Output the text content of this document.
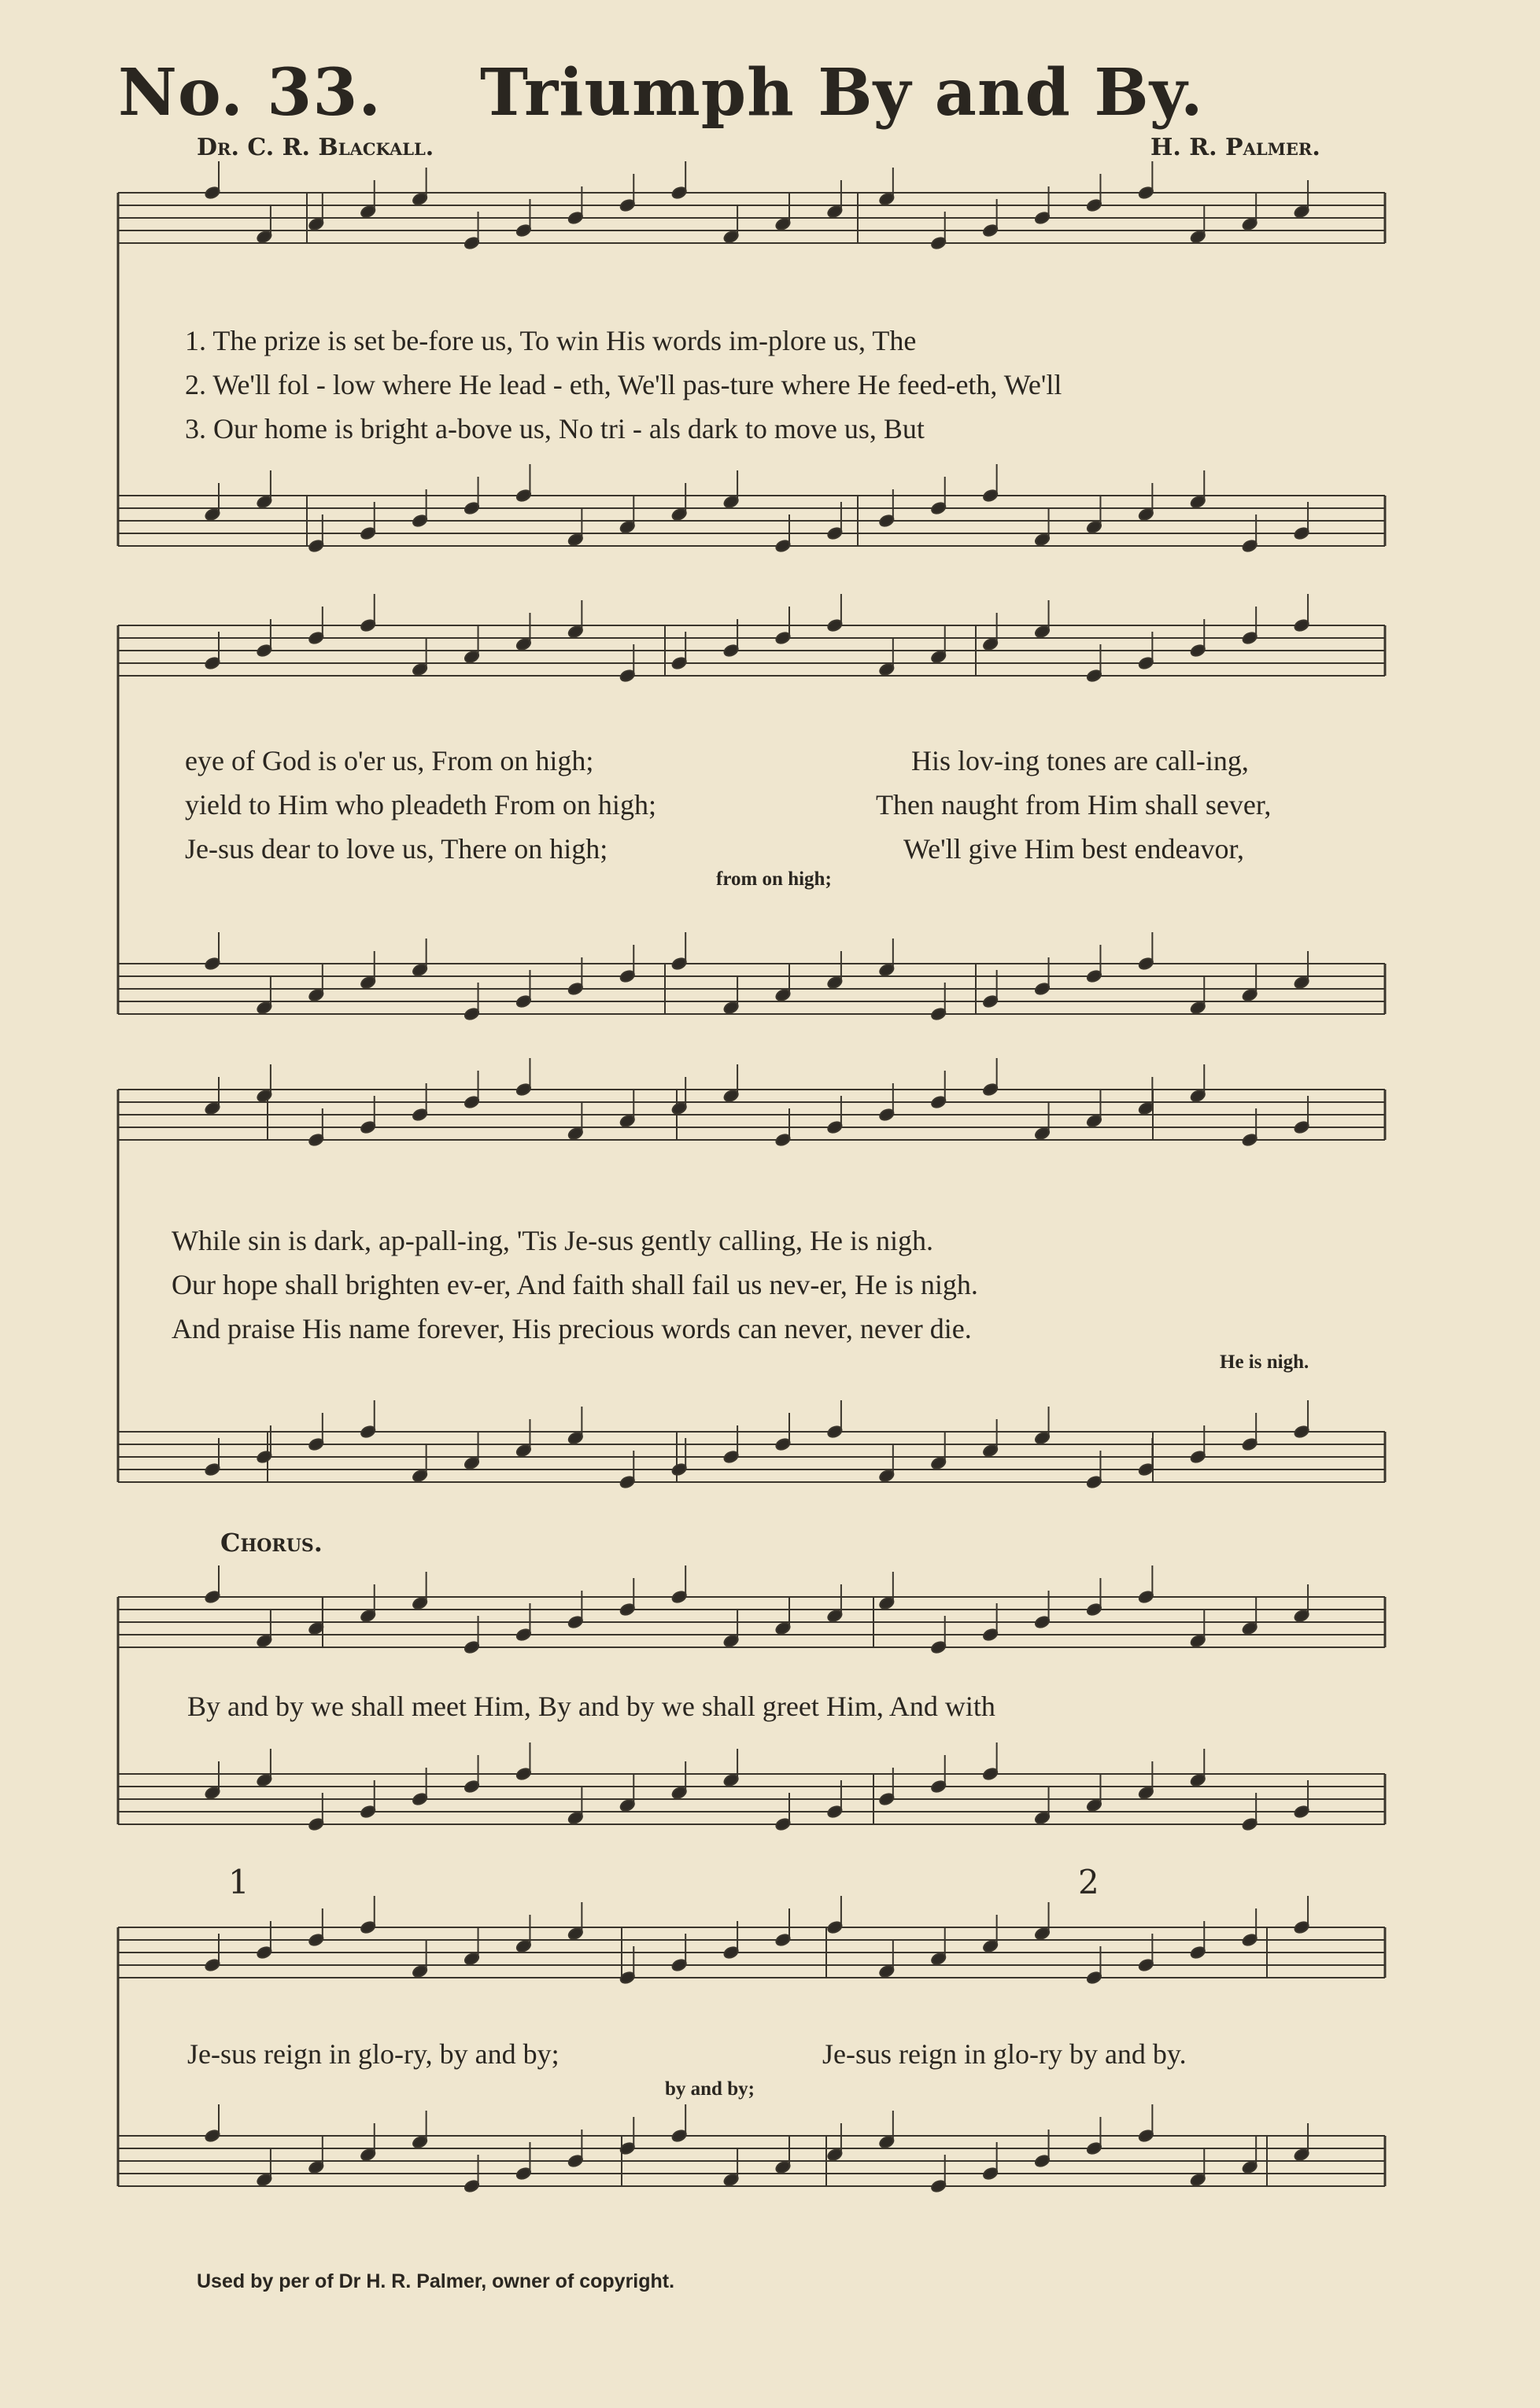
No. 33. Triumph By and By.
Dr. C. R. Blackall.	H. R. Palmer.
1. The prize is set be-fore us, To win His words im-plore us, The
2. We'll fol - low where He lead - eth, We'll pas-ture where He feed-eth, We'll
3. Our home is bright a-bove us, No tri - als dark to move us, But
eye of God is o'er us, From on high;
yield to Him who pleadeth From on high;
Je-sus dear to love us, There on high;
His lov-ing tones are call-ing,
Then naught from Him shall sever,
We'll give Him best endeavor,
from on high;
While sin is dark, ap-pall-ing, 'Tis Je-sus gently calling, He is nigh.
Our hope shall brighten ev-er, And faith shall fail us nev-er, He is nigh.
And praise His name forever, His precious words can never, never die.
He is nigh.
Chorus.
By and by we shall meet Him, By and by we shall greet Him, And with
1	2
Je-sus reign in glo-ry, by and by;	Je-sus reign in glo-ry by and by.
by and by;
Used by per of Dr H. R. Palmer, owner of copyright.
